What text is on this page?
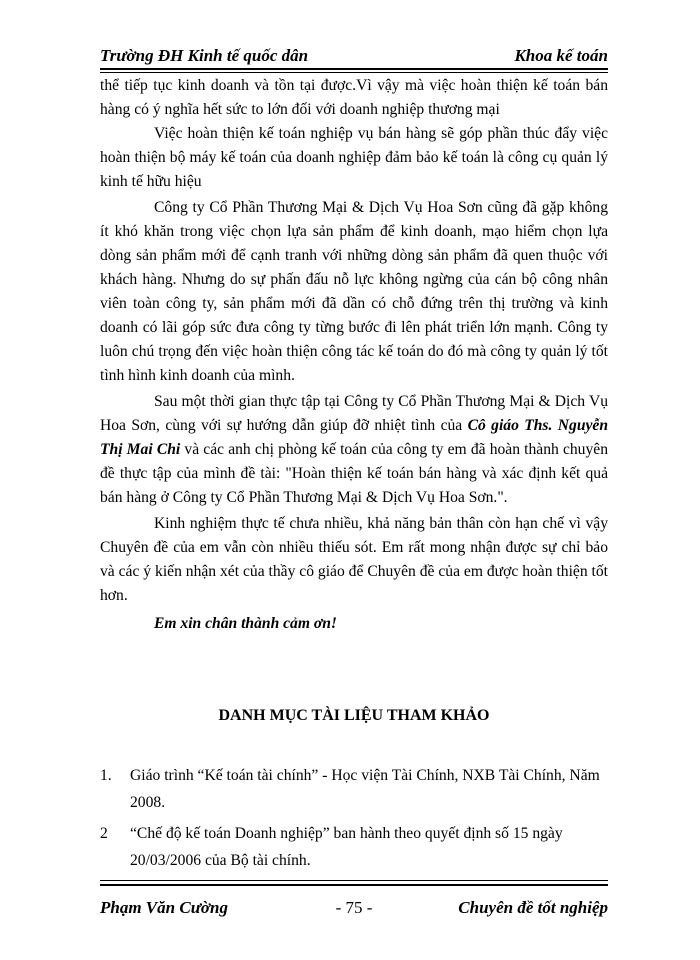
Trường ĐH Kinh tế quốc dân	Khoa kế toán

thể tiếp tục kinh doanh và tồn tại được.Vì vậy mà việc hoàn thiện kế toán bán hàng có ý nghĩa hết sức to lớn đối với doanh nghiệp thương mại

Việc hoàn thiện kế toán nghiệp vụ bán hàng sẽ góp phần thúc đẩy việc hoàn thiện bộ máy kế toán của doanh nghiệp đảm bảo kế toán là công cụ quản lý kinh tế hữu hiệu

Công ty Cổ Phần Thương Mại & Dịch Vụ Hoa Sơn cũng đã gặp không ít khó khăn trong việc chọn lựa sản phẩm để kinh doanh, mạo hiểm chọn lựa dòng sản phẩm mới để cạnh tranh với những dòng sản phẩm đã quen thuộc với khách hàng. Nhưng do sự phấn đấu nỗ lực không ngừng của cán bộ công nhân viên toàn công ty, sản phẩm mới đã dần có chỗ đứng trên thị trường và kinh doanh có lãi góp sức đưa công ty từng bước đi lên phát triển lớn mạnh. Công ty luôn chú trọng đến việc hoàn thiện công tác kế toán do đó mà công ty quản lý tốt tình hình kinh doanh của mình.

Sau một thời gian thực tập tại Công ty Cổ Phần Thương Mại & Dịch Vụ Hoa Sơn, cùng với sự hướng dẫn giúp đỡ nhiệt tình của Cô giáo Ths. Nguyễn Thị Mai Chi và các anh chị phòng kế toán của công ty em đã hoàn thành chuyên đề thực tập của mình đề tài: "Hoàn thiện kế toán bán hàng và xác định kết quả bán hàng ở Công ty Cổ Phần Thương Mại & Dịch Vụ Hoa Sơn.".

Kinh nghiệm thực tế chưa nhiều, khả năng bản thân còn hạn chế vì vậy Chuyên đề của em vẫn còn nhiều thiếu sót. Em rất mong nhận được sự chỉ bảo và các ý kiến nhận xét của thầy cô giáo để Chuyên đề của em được hoàn thiện tốt hơn.

Em xin chân thành cảm ơn!

DANH MỤC TÀI LIỆU THAM KHẢO
1. Giáo trình “Kế toán tài chính” - Học viện Tài Chính, NXB Tài Chính, Năm 2008.
2 “Chế độ kế toán Doanh nghiệp” ban hành theo quyết định số 15 ngày 20/03/2006 của Bộ tài chính.
Phạm Văn Cường	- 75 -	Chuyên đề tốt nghiệp
